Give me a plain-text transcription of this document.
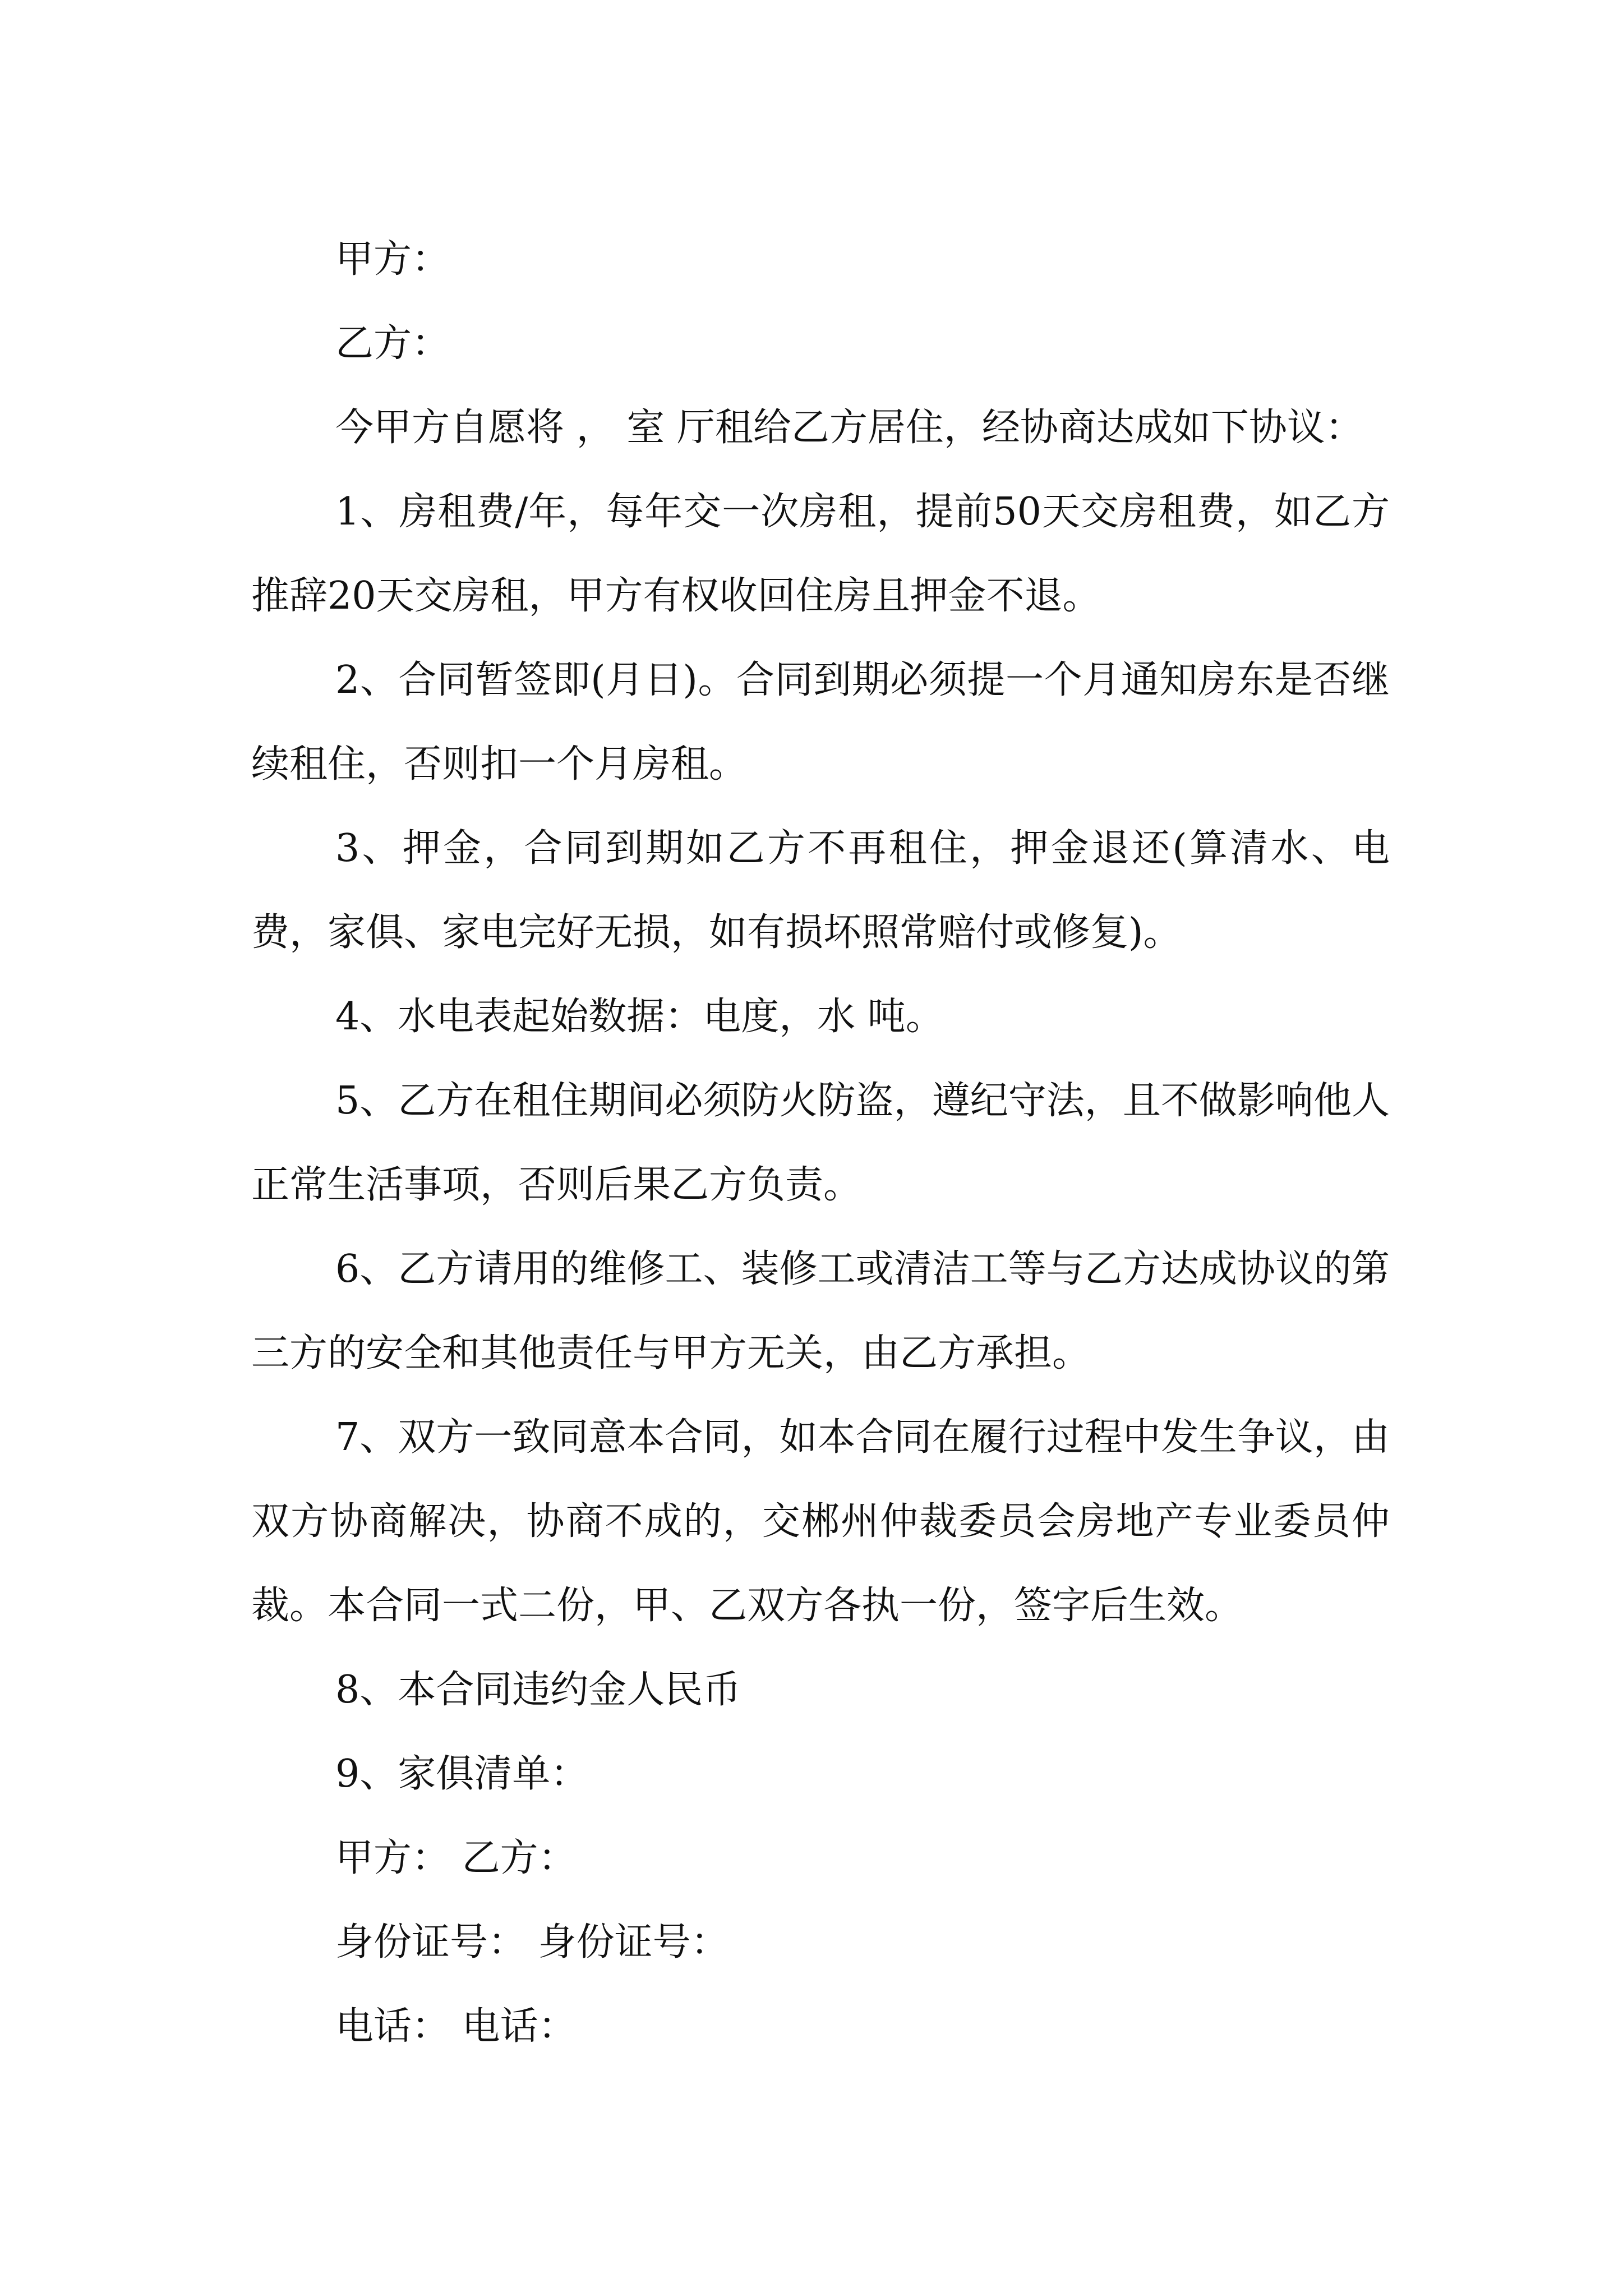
甲方：

乙方：

今甲方自愿将 ， 室 厅租给乙方居住，经协商达成如下协议：

1、房租费/年，每年交一次房租，提前50天交房租费，如乙方推辞20天交房租，甲方有权收回住房且押金不退。

2、合同暂签即(月日)。合同到期必须提一个月通知房东是否继续租住，否则扣一个月房租。

3、押金，合同到期如乙方不再租住，押金退还(算清水、电费，家俱、家电完好无损，如有损坏照常赔付或修复)。

4、水电表起始数据：电度，水 吨。

5、乙方在租住期间必须防火防盗，遵纪守法，且不做影响他人正常生活事项，否则后果乙方负责。

6、乙方请用的维修工、装修工或清洁工等与乙方达成协议的第三方的安全和其他责任与甲方无关，由乙方承担。

7、双方一致同意本合同，如本合同在履行过程中发生争议，由双方协商解决，协商不成的，交郴州仲裁委员会房地产专业委员仲裁。本合同一式二份，甲、乙双方各执一份，签字后生效。

8、本合同违约金人民币

9、家俱清单：

甲方： 乙方：

身份证号： 身份证号：

电话： 电话：
